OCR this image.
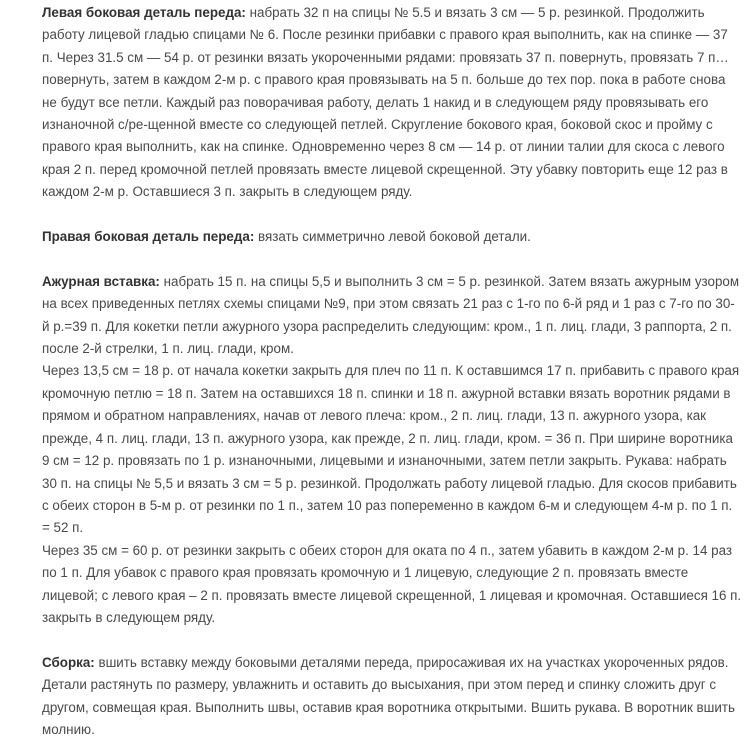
Левая боковая деталь переда: набрать 32 п на спицы № 5.5 и вязать 3 см — 5 р. резинкой. Продолжить работу лицевой гладью спицами № 6. После резинки прибавки с правого края выполнить, как на спинке — 37 п. Через 31.5 см — 54 р. от резинки вязать укороченными рядами: провязать 37 п. повернуть, провязать 7 п… повернуть, затем в каждом 2-м р. с правого края провязывать на 5 п. больше до тех пор. пока в работе снова не будут все петли. Каждый раз поворачивая работу, делать 1 накид и в следующем ряду провязывать его изнаночной с/ре-щенной вместе со следующей петлей. Скругление бокового края, боковой скос и пройму с правого края выполнить, как на спинке. Одновременно через 8 см — 14 р. от линии талии для скоса с левого края 2 п. перед кромочной петлей провязать вместе лицевой скрещенной. Эту убавку повторить еще 12 раз в каждом 2-м р. Оставшиеся 3 п. закрыть в следующем ряду.

Правая боковая деталь переда: вязать симметрично левой боковой детали.

Ажурная вставка: набрать 15 п. на спицы 5,5 и выполнить 3 см = 5 р. резинкой. Затем вязать ажурным узором на всех приведенных петлях схемы спицами №9, при этом связать 21 раз с 1-го по 6-й ряд и 1 раз с 7-го по 30-й р.=39 п. Для кокетки петли ажурного узора распределить следующим: кром., 1 п. лиц. глади, 3 раппорта, 2 п. после 2-й стрелки, 1 п. лиц. глади, кром.

Через 13,5 см = 18 р. от начала кокетки закрыть для плеч по 11 п. К оставшимся 17 п. прибавить с правого края кромочную петлю = 18 п. Затем на оставшихся 18 п. спинки и 18 п. ажурной вставки вязать воротник рядами в прямом и обратном направлениях, начав от левого плеча: кром., 2 п. лиц. глади, 13 п. ажурного узора, как прежде, 4 п. лиц. глади, 13 п. ажурного узора, как прежде, 2 п. лиц. глади, кром. = 36 п. При ширине воротника 9 см = 12 р. провязать по 1 р. изнаночными, лицевыми и изнаночными, затем петли закрыть. Рукава: набрать 30 п. на спицы № 5,5 и вязать 3 см = 5 р. резинкой. Продолжать работу лицевой гладью. Для скосов прибавить с обеих сторон в 5-м р. от резинки по 1 п., затем 10 раз попеременно в каждом 6-м и следующем 4-м р. по 1 п. = 52 п.

Через 35 см = 60 р. от резинки закрыть с обеих сторон для оката по 4 п., затем убавить в каждом 2-м р. 14 раз по 1 п. Для убавок с правого края провязать кромочную и 1 лицевую, следующие 2 п. провязать вместе лицевой; с левого края – 2 п. провязать вместе лицевой скрещенной, 1 лицевая и кромочная. Оставшиеся 16 п. закрыть в следующем ряду.

Сборка: вшить вставку между боковыми деталями переда, приросаживая их на участках укороченных рядов. Детали растянуть по размеру, увлажнить и оставить до высыхания, при этом перед и спинку сложить друг с другом, совмещая края. Выполнить швы, оставив края воротника открытыми. Вшить рукава. В воротник вшить молнию.
